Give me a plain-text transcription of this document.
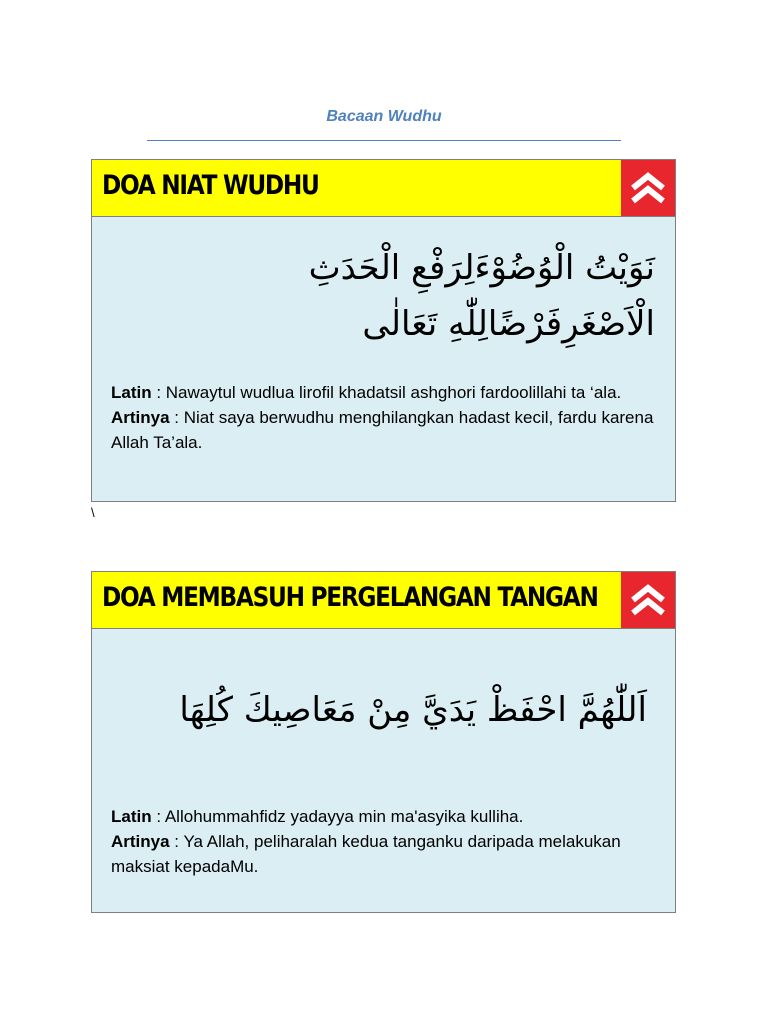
Bacaan Wudhu
DOA NIAT WUDHU
نَوَيْتُ الْوُضُوْءَلِرَفْعِ الْحَدَثِ الْاَصْغَرِفَرْضًالِلّٰهِ تَعَالٰى
Latin : Nawaytul wudlua lirofil khadatsil ashghori fardoolillahi ta ‘ala.
Artinya : Niat saya berwudhu menghilangkan hadast kecil, fardu karena Allah Ta’ala.
\
DOA MEMBASUH PERGELANGAN TANGAN
اَللّٰهُمَّ احْفَظْ يَدَيَّ مِنْ مَعَاصِيكَ كُلِهَا
Latin : Allohummahfidz yadayya min ma'asyika kulliha.
Artinya : Ya Allah, peliharalah kedua tanganku daripada melakukan maksiat kepadaMu.
